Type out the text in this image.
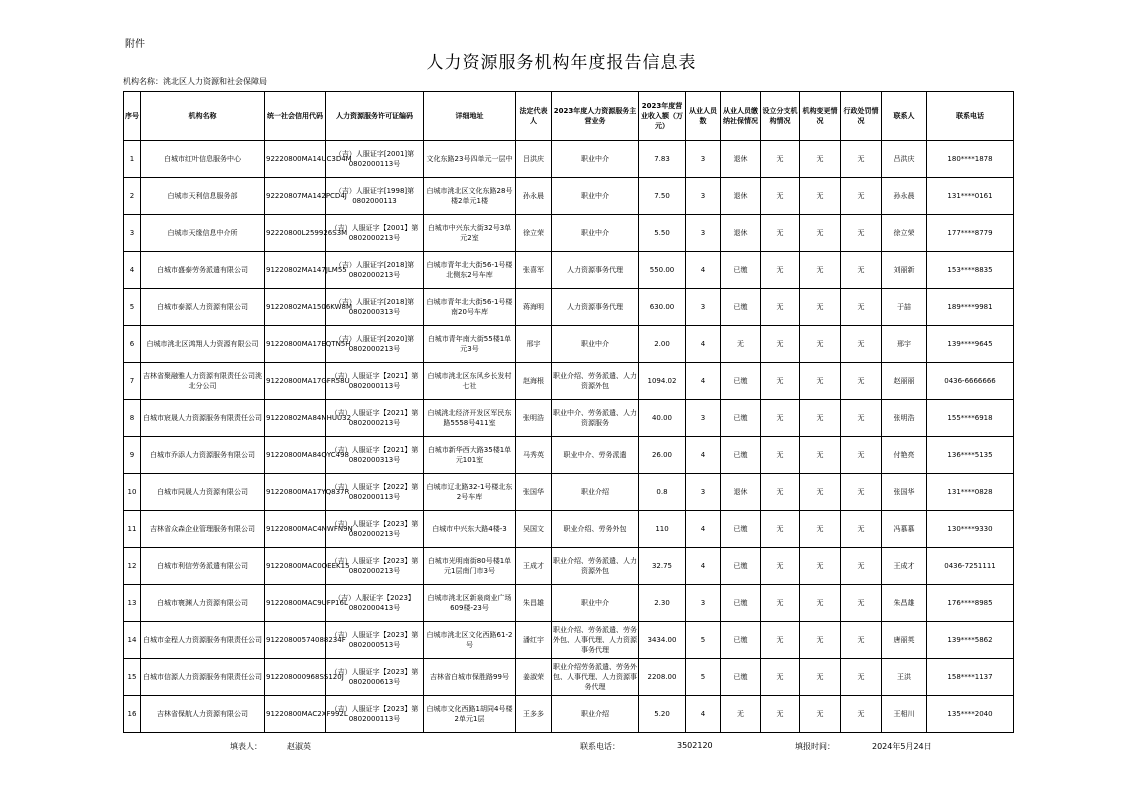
附件
人力资源服务机构年度报告信息表
机构名称：洮北区人力资源和社会保障局
序号	机构名称	统一社会信用代码	人力资源服务许可证编码	详细地址	法定代表人	2023年度人力资源服务主营业务	2023年度营业收入额（万元）	从业人员数	从业人员缴纳社保情况	设立分支机构情况	机构变更情况	行政处罚情况	联系人	联系电话
1	白城市红叶信息服务中心	92220800MA14UC3D4M	（吉）人服证字[2001]第0802000113号	文化东路23号四单元一层中	吕洪庆	职业中介	7.83	3	退休	无	无	无	吕洪庆	180****1878
2	白城市天利信息服务部	92220807MA142PCD4J	（吉）人服证字[1998]第0802000113	白城市洮北区文化东路28号楼2单元1楼	孙永晨	职业中介	7.50	3	退休	无	无	无	孙永晨	131****0161
3	白城市天缘信息中介所	92220800L259926S3M	（吉）人服证字【2001】第0802000213号	白城市中兴东大街32号3单元2室	徐立荣	职业中介	5.50	3	退休	无	无	无	徐立荣	177****8779
4	白城市盛泰劳务派遣有限公司	91220802MA147JLM55	（吉）人服证字[2018]第0802000213号	白城市青年北大街56-1号楼北侧东2号车库	张喜军	人力资源事务代理	550.00	4	已缴	无	无	无	刘丽新	153****8835
5	白城市泰源人力资源有限公司	91220802MA1506KW8M	（吉）人服证字[2018]第0802000313号	白城市青年北大街56-1号楼南20号车库	蒋海明	人力资源事务代理	630.00	3	已缴	无	无	无	于喆	189****9981
6	白城市洮北区鸿翔人力资源有限公司	91220800MA17EQTN5H	（吉）人服证字[2020]第0802000213号	白城市青年南大街55楼1单元3号	邢宇	职业中介	2.00	4	无	无	无	无	邢宇	139****9645
7	吉林省聚融雅人力资源有限责任公司洮北分公司	91220800MA17GFR58U	（吉）人服证字【2021】第0802000113号	白城市洮北区东风乡长发村七社	赵海根	职业介绍、劳务派遣、人力资源外包	1094.02	4	已缴	无	无	无	赵丽丽	0436-6666666
8	白城市宸晟人力资源服务有限责任公司	91220802MA84NHUU32	（吉）人服证字【2021】第0802000213号	白城洮北经济开发区军民东路5558号411室	张明浩	职业中介、劳务派遣、人力资源服务	40.00	3	已缴	无	无	无	张明浩	155****6918
9	白城市乔添人力资源服务有限公司	91220800MA84QYC498	（吉）人服证字【2021】第0802000313号	白城市新华西大路35楼1单元101室	马秀英	职业中介、劳务派遣	26.00	4	已缴	无	无	无	付艳亮	136****5135
10	白城市同晟人力资源有限公司	91220800MA17YQ837R	（吉）人服证字【2022】第0802000113号	白城市辽北路32-1号楼北东2号车库	张国华	职业介绍	0.8	3	退休	无	无	无	张国华	131****0828
11	吉林省众森企业管理服务有限公司	91220800MAC4NWFN9N	（吉）人服证字【2023】第0802000213号	白城市中兴东大路4楼-3	吴国文	职业介绍、劳务外包	110	4	已缴	无	无	无	冯慕慕	130****9330
12	白城市利信劳务派遣有限公司	91220800MAC0QEEK15	（吉）人服证字【2023】第0802000213号	白城市光明南街80号楼1单元1层南门市3号	王成才	职业介绍、劳务派遣、人力资源外包	32.75	4	已缴	无	无	无	王成才	0436-7251111
13	白城市寰渊人力资源有限公司	91220800MAC9UFP16L	（吉）人服证字【2023】0802000413号	白城市洮北区新泉商业广场609楼-23号	朱昌雄	职业中介	2.30	3	已缴	无	无	无	朱昌雄	176****8985
14	白城市金程人力资源服务有限责任公司	91220800574088234F	（吉）人服证字【2023】第0802000513号	白城市洮北区文化西路61-2号	潘红宇	职业介绍、劳务派遣、劳务外包、人事代理、人力资源事务代理	3434.00	5	已缴	无	无	无	唐丽英	139****5862
15	白城市信源人力资源服务有限责任公司	912208000968SS120J	（吉）人服证字【2023】第0802000613号	吉林省白城市保胜路99号	姜淑荣	职业介绍劳务派遣、劳务外包、人事代理、人力资源事务代理	2208.00	5	已缴	无	无	无	王洪	158****1137
16	吉林省保航人力资源有限公司	91220800MAC2XF992L	（吉）人服证字【2023】第0802000113号	白城市文化西路1胡同4号楼2单元1层	王多多	职业介绍	5.20	4	无	无	无	无	王相川	135****2040
填表人：	赵淑英	联系电话：	3502120	填报时间：	2024年5月24日
